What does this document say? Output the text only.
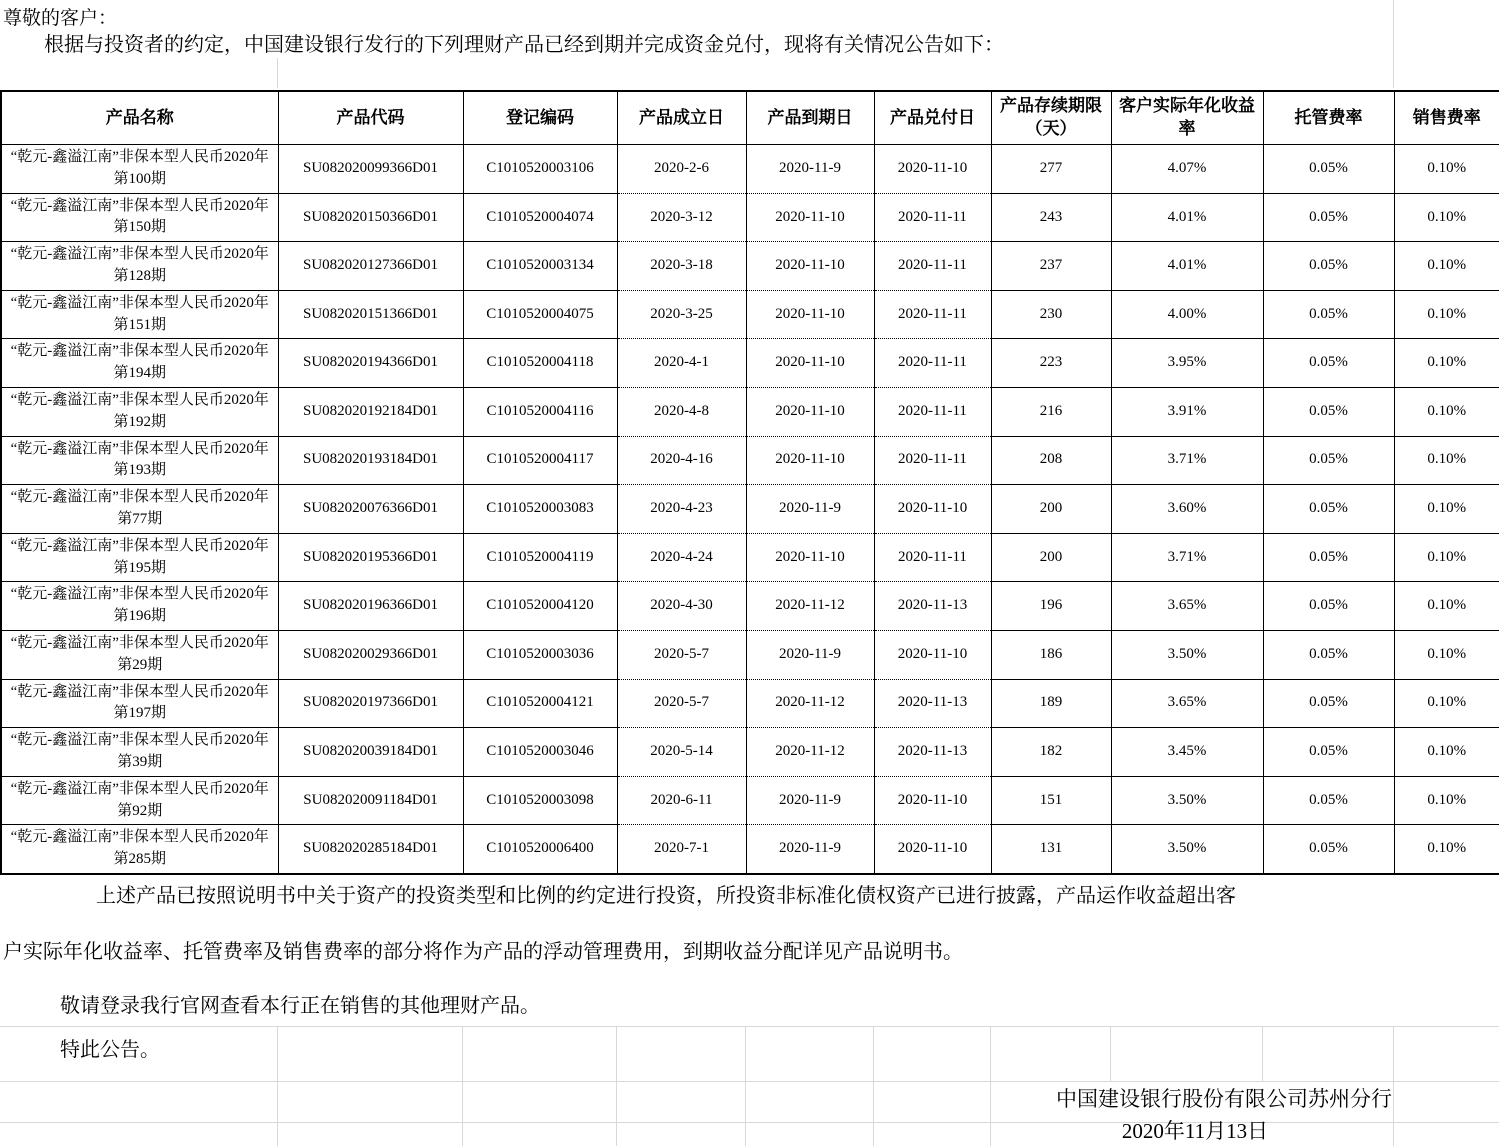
尊敬的客户：
根据与投资者的约定，中国建设银行发行的下列理财产品已经到期并完成资金兑付，现将有关情况公告如下：
产品名称	产品代码	登记编码	产品成立日	产品到期日	产品兑付日	产品存续期限（天）	客户实际年化收益率	托管费率	销售费率
“乾元-鑫溢江南”非保本型人民币2020年第100期	SU082020099366D01	C1010520003106	2020-2-6	2020-11-9	2020-11-10	277	4.07%	0.05%	0.10%
“乾元-鑫溢江南”非保本型人民币2020年第150期	SU082020150366D01	C1010520004074	2020-3-12	2020-11-10	2020-11-11	243	4.01%	0.05%	0.10%
“乾元-鑫溢江南”非保本型人民币2020年第128期	SU082020127366D01	C1010520003134	2020-3-18	2020-11-10	2020-11-11	237	4.01%	0.05%	0.10%
“乾元-鑫溢江南”非保本型人民币2020年第151期	SU082020151366D01	C1010520004075	2020-3-25	2020-11-10	2020-11-11	230	4.00%	0.05%	0.10%
“乾元-鑫溢江南”非保本型人民币2020年第194期	SU082020194366D01	C1010520004118	2020-4-1	2020-11-10	2020-11-11	223	3.95%	0.05%	0.10%
“乾元-鑫溢江南”非保本型人民币2020年第192期	SU082020192184D01	C1010520004116	2020-4-8	2020-11-10	2020-11-11	216	3.91%	0.05%	0.10%
“乾元-鑫溢江南”非保本型人民币2020年第193期	SU082020193184D01	C1010520004117	2020-4-16	2020-11-10	2020-11-11	208	3.71%	0.05%	0.10%
“乾元-鑫溢江南”非保本型人民币2020年第77期	SU082020076366D01	C1010520003083	2020-4-23	2020-11-9	2020-11-10	200	3.60%	0.05%	0.10%
“乾元-鑫溢江南”非保本型人民币2020年第195期	SU082020195366D01	C1010520004119	2020-4-24	2020-11-10	2020-11-11	200	3.71%	0.05%	0.10%
“乾元-鑫溢江南”非保本型人民币2020年第196期	SU082020196366D01	C1010520004120	2020-4-30	2020-11-12	2020-11-13	196	3.65%	0.05%	0.10%
“乾元-鑫溢江南”非保本型人民币2020年第29期	SU082020029366D01	C1010520003036	2020-5-7	2020-11-9	2020-11-10	186	3.50%	0.05%	0.10%
“乾元-鑫溢江南”非保本型人民币2020年第197期	SU082020197366D01	C1010520004121	2020-5-7	2020-11-12	2020-11-13	189	3.65%	0.05%	0.10%
“乾元-鑫溢江南”非保本型人民币2020年第39期	SU082020039184D01	C1010520003046	2020-5-14	2020-11-12	2020-11-13	182	3.45%	0.05%	0.10%
“乾元-鑫溢江南”非保本型人民币2020年第92期	SU082020091184D01	C1010520003098	2020-6-11	2020-11-9	2020-11-10	151	3.50%	0.05%	0.10%
“乾元-鑫溢江南”非保本型人民币2020年第285期	SU082020285184D01	C1010520006400	2020-7-1	2020-11-9	2020-11-10	131	3.50%	0.05%	0.10%
上述产品已按照说明书中关于资产的投资类型和比例的约定进行投资，所投资非标准化债权资产已进行披露，产品运作收益超出客
户实际年化收益率、托管费率及销售费率的部分将作为产品的浮动管理费用，到期收益分配详见产品说明书。
敬请登录我行官网查看本行正在销售的其他理财产品。
特此公告。
中国建设银行股份有限公司苏州分行
2020年11月13日
